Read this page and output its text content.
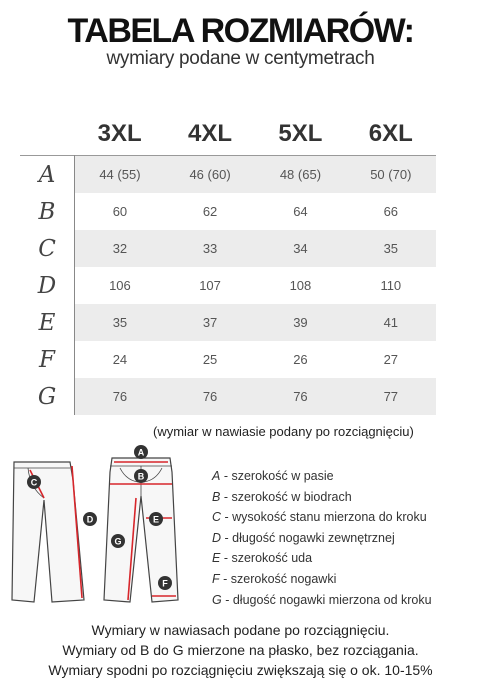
TABELA ROZMIARÓW:
wymiary podane w centymetrach
	3XL	4XL	5XL	6XL
A	44 (55)	46 (60)	48 (65)	50 (70)
B	60	62	64	66
C	32	33	34	35
D	106	107	108	110
E	35	37	39	41
F	24	25	26	27
G	76	76	76	77
(wymiar w nawiasie podany po rozciągnięciu)
A
B
C
D	E
F
G
A - szerokość w pasie
B - szerokość w biodrach
C - wysokość stanu mierzona do kroku
D - długość nogawki zewnętrznej
E - szerokość uda
F - szerokość nogawki
G - długość nogawki mierzona od kroku
Wymiary w nawiasach podane po rozciągnięciu.
Wymiary od B do G mierzone na płasko, bez rozciągania.
Wymiary spodni po rozciągnięciu zwiększają się o ok. 10-15%
